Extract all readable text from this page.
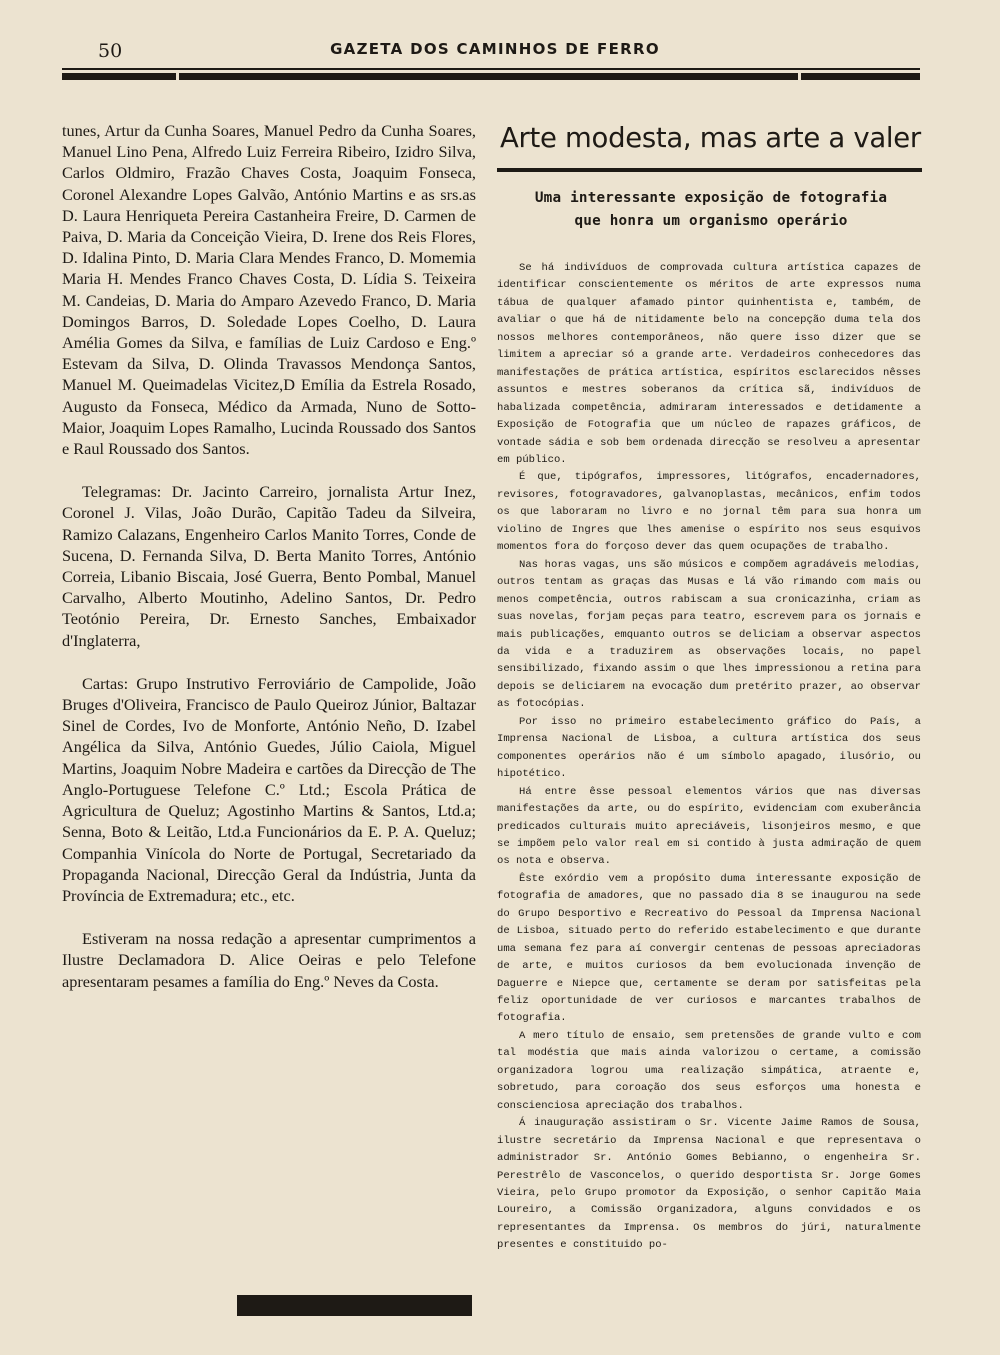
50	GAZETA DOS CAMINHOS DE FERRO

tunes, Artur da Cunha Soares, Manuel Pedro da Cunha Soares, Manuel Lino Pena, Alfredo Luiz Ferreira Ribeiro, Izidro Silva, Carlos Oldmiro, Frazão Chaves Costa, Joaquim Fonseca, Coronel Alexandre Lopes Galvão, António Martins e as srs.as D. Laura Henriqueta Pereira Castanheira Freire, D. Carmen de Paiva, D. Maria da Conceição Vieira, D. Irene dos Reis Flores, D. Idalina Pinto, D. Maria Clara Mendes Franco, D. Momemia Maria H. Mendes Franco Chaves Costa, D. Lídia S. Teixeira M. Candeias, D. Maria do Amparo Azevedo Franco, D. Maria Domingos Barros, D. Soledade Lopes Coelho, D. Laura Amélia Gomes da Silva, e famílias de Luiz Cardoso e Eng.º Estevam da Silva, D. Olinda Travassos Mendonça Santos, Manuel M. Queimadelas Vicitez,D Emília da Estrela Rosado, Augusto da Fonseca, Médico da Armada, Nuno de Sotto-Maior, Joaquim Lopes Ramalho, Lucinda Roussado dos Santos e Raul Roussado dos Santos.

Telegramas: Dr. Jacinto Carreiro, jornalista Artur Inez, Coronel J. Vilas, João Durão, Capitão Tadeu da Silveira, Ramizo Calazans, Engenheiro Carlos Manito Torres, Conde de Sucena, D. Fernanda Silva, D. Berta Manito Torres, António Correia, Libanio Biscaia, José Guerra, Bento Pombal, Manuel Carvalho, Alberto Moutinho, Adelino Santos, Dr. Pedro Teotónio Pereira, Dr. Ernesto Sanches, Embaixador d'Inglaterra,

Cartas: Grupo Instrutivo Ferroviário de Campolide, João Bruges d'Oliveira, Francisco de Paulo Queiroz Júnior, Baltazar Sinel de Cordes, Ivo de Monforte, António Neño, D. Izabel Angélica da Silva, António Guedes, Júlio Caiola, Miguel Martins, Joaquim Nobre Madeira e cartões da Direcção de The Anglo-Portuguese Telefone C.º Ltd.; Escola Prática de Agricultura de Queluz; Agostinho Martins & Santos, Ltd.a; Senna, Boto & Leitão, Ltd.a Funcionários da E. P. A. Queluz; Companhia Vinícola do Norte de Portugal, Secretariado da Propaganda Nacional, Direcção Geral da Indústria, Junta da Província de Extremadura; etc., etc.

Estiveram na nossa redação a apresentar cumprimentos a Ilustre Declamadora D. Alice Oeiras e pelo Telefone apresentaram pesames a família do Eng.º Neves da Costa.

Arte modesta, mas arte a valer
Uma interessante exposição de fotografia
que honra um organismo operário

Se há indivíduos de comprovada cultura artística capazes de identificar conscientemente os méritos de arte expressos numa tábua de qualquer afamado pintor quinhentista e, também, de avaliar o que há de nitidamente belo na concepção duma tela dos nossos melhores contemporâneos, não quere isso dizer que se limitem a apreciar só a grande arte. Verdadeiros conhecedores das manifestações de prática artística, espíritos esclarecidos nêsses assuntos e mestres soberanos da crítica sã, indivíduos de habalizada competência, admiraram interessados e detidamente a Exposição de Fotografia que um núcleo de rapazes gráficos, de vontade sádia e sob bem ordenada direcção se resolveu a apresentar em público.

É que, tipógrafos, impressores, litógrafos, encadernadores, revisores, fotogravadores, galvanoplastas, mecânicos, enfim todos os que laboraram no livro e no jornal têm para sua honra um violino de Ingres que lhes amenise o espírito nos seus esquivos momentos fora do forçoso dever das quem ocupações de trabalho.

Nas horas vagas, uns são músicos e compõem agradáveis melodias, outros tentam as graças das Musas e lá vão rimando com mais ou menos competência, outros rabiscam a sua cronicazinha, criam as suas novelas, forjam peças para teatro, escrevem para os jornais e mais publicações, emquanto outros se deliciam a observar aspectos da vida e a traduzirem as observações locais, no papel sensibilizado, fixando assim o que lhes impressionou a retina para depois se deliciarem na evocação dum pretérito prazer, ao observar as fotocópias.

Por isso no primeiro estabelecimento gráfico do País, a Imprensa Nacional de Lisboa, a cultura artística dos seus componentes operários não é um símbolo apagado, ilusório, ou hipotético.

Há entre êsse pessoal elementos vários que nas diversas manifestações da arte, ou do espírito, evidenciam com exuberância predicados culturais muito apreciáveis, lisonjeiros mesmo, e que se impõem pelo valor real em si contido à justa admiração de quem os nota e observa.

Êste exórdio vem a propósito duma interessante exposição de fotografia de amadores, que no passado dia 8 se inaugurou na sede do Grupo Desportivo e Recreativo do Pessoal da Imprensa Nacional de Lisboa, situado perto do referido estabelecimento e que durante uma semana fez para aí convergir centenas de pessoas apreciadoras de arte, e muitos curiosos da bem evolucionada invenção de Daguerre e Niepce que, certamente se deram por satisfeitas pela feliz oportunidade de ver curiosos e marcantes trabalhos de fotografia.

A mero título de ensaio, sem pretensões de grande vulto e com tal modéstia que mais ainda valorizou o certame, a comissão organizadora logrou uma realização simpática, atraente e, sobretudo, para coroação dos seus esforços uma honesta e conscienciosa apreciação dos trabalhos.

Á inauguração assistiram o Sr. Vicente Jaime Ramos de Sousa, ilustre secretário da Imprensa Nacional e que representava o administrador Sr. António Gomes Bebianno, o engenheira Sr. Perestrêlo de Vasconcelos, o querido desportista Sr. Jorge Gomes Vieira, pelo Grupo promotor da Exposição, o senhor Capitão Maia Loureiro, a Comissão Organizadora, alguns convidados e os representantes da Imprensa. Os membros do júri, naturalmente presentes e constituido po-
